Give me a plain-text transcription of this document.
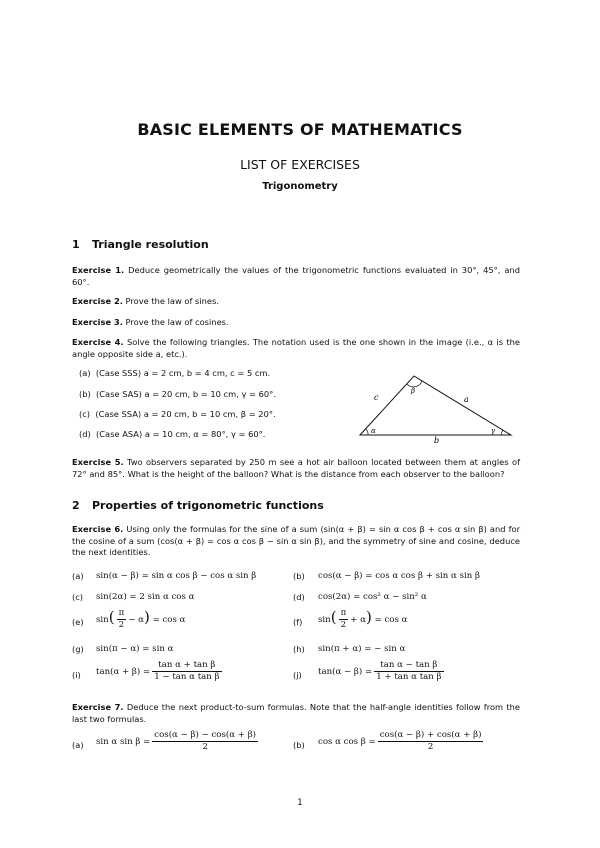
BASIC ELEMENTS OF MATHEMATICS
LIST OF EXERCISES
Trigonometry
1 Triangle resolution
Exercise 1. Deduce geometrically the values of the trigonometric functions evaluated in 30°, 45°, and 60°.
Exercise 2. Prove the law of sines.
Exercise 3. Prove the law of cosines.
Exercise 4. Solve the following triangles. The notation used is the one shown in the image (i.e., α is the angle opposite side a, etc.).
(a) (Case SSS) a = 2 cm, b = 4 cm, c = 5 cm.
(b) (Case SAS) a = 20 cm, b = 10 cm, γ = 60°.
(c) (Case SSA) a = 20 cm, b = 10 cm, β = 20°.
(d) (Case ASA) a = 10 cm, α = 80°, γ = 60°.
c	a
b
α
β
γ
Exercise 5. Two observers separated by 250 m see a hot air balloon located between them at angles of 72° and 85°. What is the height of the balloon? What is the distance from each observer to the balloon?
2 Properties of trigonometric functions
Exercise 6. Using only the formulas for the sine of a sum (sin(α + β) = sin α cos β + cos α sin β) and for the cosine of a sum (cos(α + β) = cos α cos β − sin α sin β), and the symmetry of sine and cosine, deduce the next identities.
(a) sin(α − β) = sin α cos β − cos α sin β	(b) cos(α − β) = cos α cos β + sin α sin β
(c) sin(2α) = 2 sin α cos α	(d) cos(2α) = cos² α − sin² α
(e) $\sin( \frac{\pi}{2} - \alpha) = \cos \alpha$	(f) $\sin( \frac{\pi}{2} + \alpha) = \cos \alpha$
(g) sin(π − α) = sin α	(h) sin(π + α) = − sin α
(i) $\tan(\alpha + \beta) = \frac{\text{tan α + tan β}}{\text{1 − tan α tan β}}$	(j) $\tan(\alpha - \beta) = \frac{\text{tan α − tan β}}{\text{1 + tan α tan β}}$
Exercise 7. Deduce the next product-to-sum formulas. Note that the half-angle identities follow from the last two formulas.
(a) sin α $\sin \beta = \frac{\cos(\alpha - \beta) - \cos(\alpha + \beta)}{2}$	(b) cos α $\cos \beta = \frac{\cos(\alpha - \beta) + \cos(\alpha + \beta)}{2}$
1
